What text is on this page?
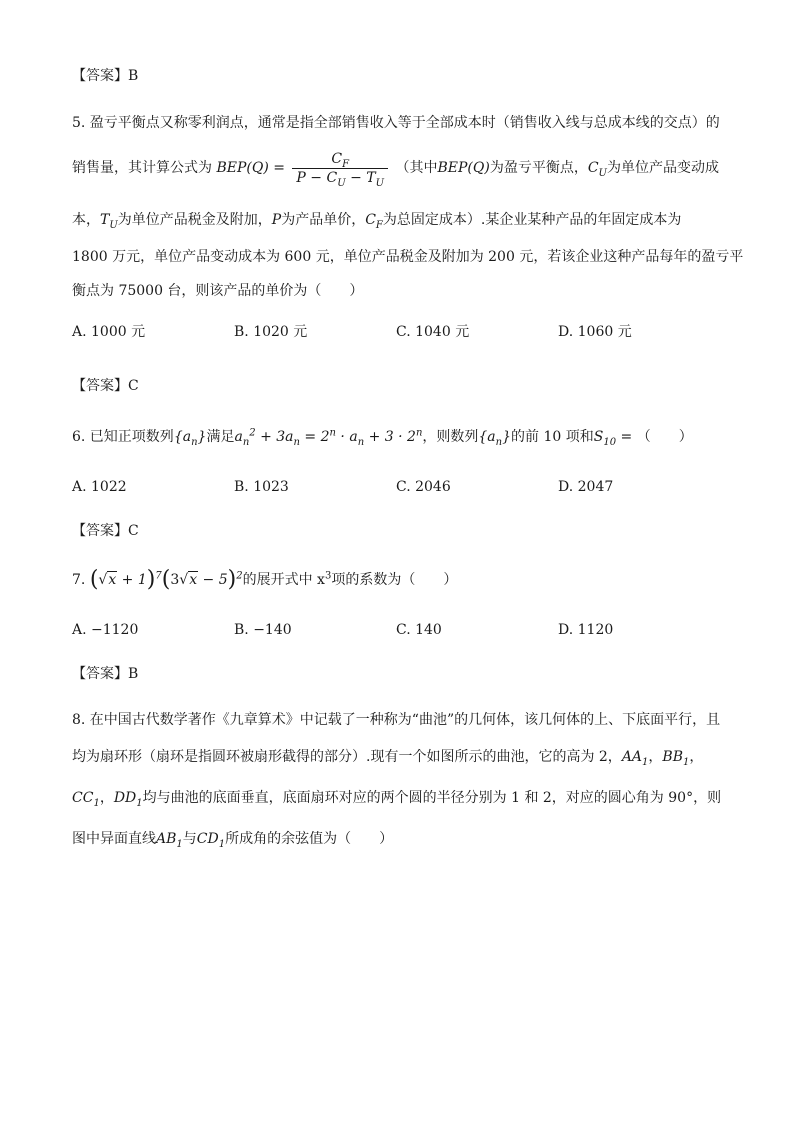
【答案】B
5. 盈亏平衡点又称零利润点，通常是指全部销售收入等于全部成本时（销售收入线与总成本线的交点）的
销售量，其计算公式为 $BEP(Q) = \frac{C_F}{P - C_U - T_U}$ （其中BEP(Q)为盈亏平衡点，$C_U$为单位产品变动成
本，$T_U$为单位产品税金及附加，P为产品单价，$C_F$为总固定成本）.某企业某种产品的年固定成本为
1800 万元，单位产品变动成本为 600 元，单位产品税金及附加为 200 元，若该企业这种产品每年的盈亏平
衡点为 75000 台，则该产品的单价为（　　）
A. 1000 元	B. 1020 元	C. 1040 元	D. 1060 元
【答案】C
6. 已知正项数列$\{a_n\}$满足$a_n^2 + 3a_n = 2^n \cdot a_n + 3 \cdot 2^n$，则数列$\{a_n\}$的前 10 项和$S_{10}$ = （　　）
A. 1022	B. 1023	C. 2046	D. 2047
【答案】C
7. $(√x + 1)^7(3√x - 5)^2$的展开式中 $x^3$项的系数为（　　）
A. −1120	B. −140	C. 140	D. 1120
【答案】B
8. 在中国古代数学著作《九章算术》中记载了一种称为“曲池”的几何体，该几何体的上、下底面平行，且
均为扇环形（扇环是指圆环被扇形截得的部分）.现有一个如图所示的曲池，它的高为 2，$AA_1$，$BB_1$，
$CC_1$，$DD_1$均与曲池的底面垂直，底面扇环对应的两个圆的半径分别为 1 和 2，对应的圆心角为 90°，则
图中异面直线$AB_1$与$CD_1$所成角的余弦值为（　　）
